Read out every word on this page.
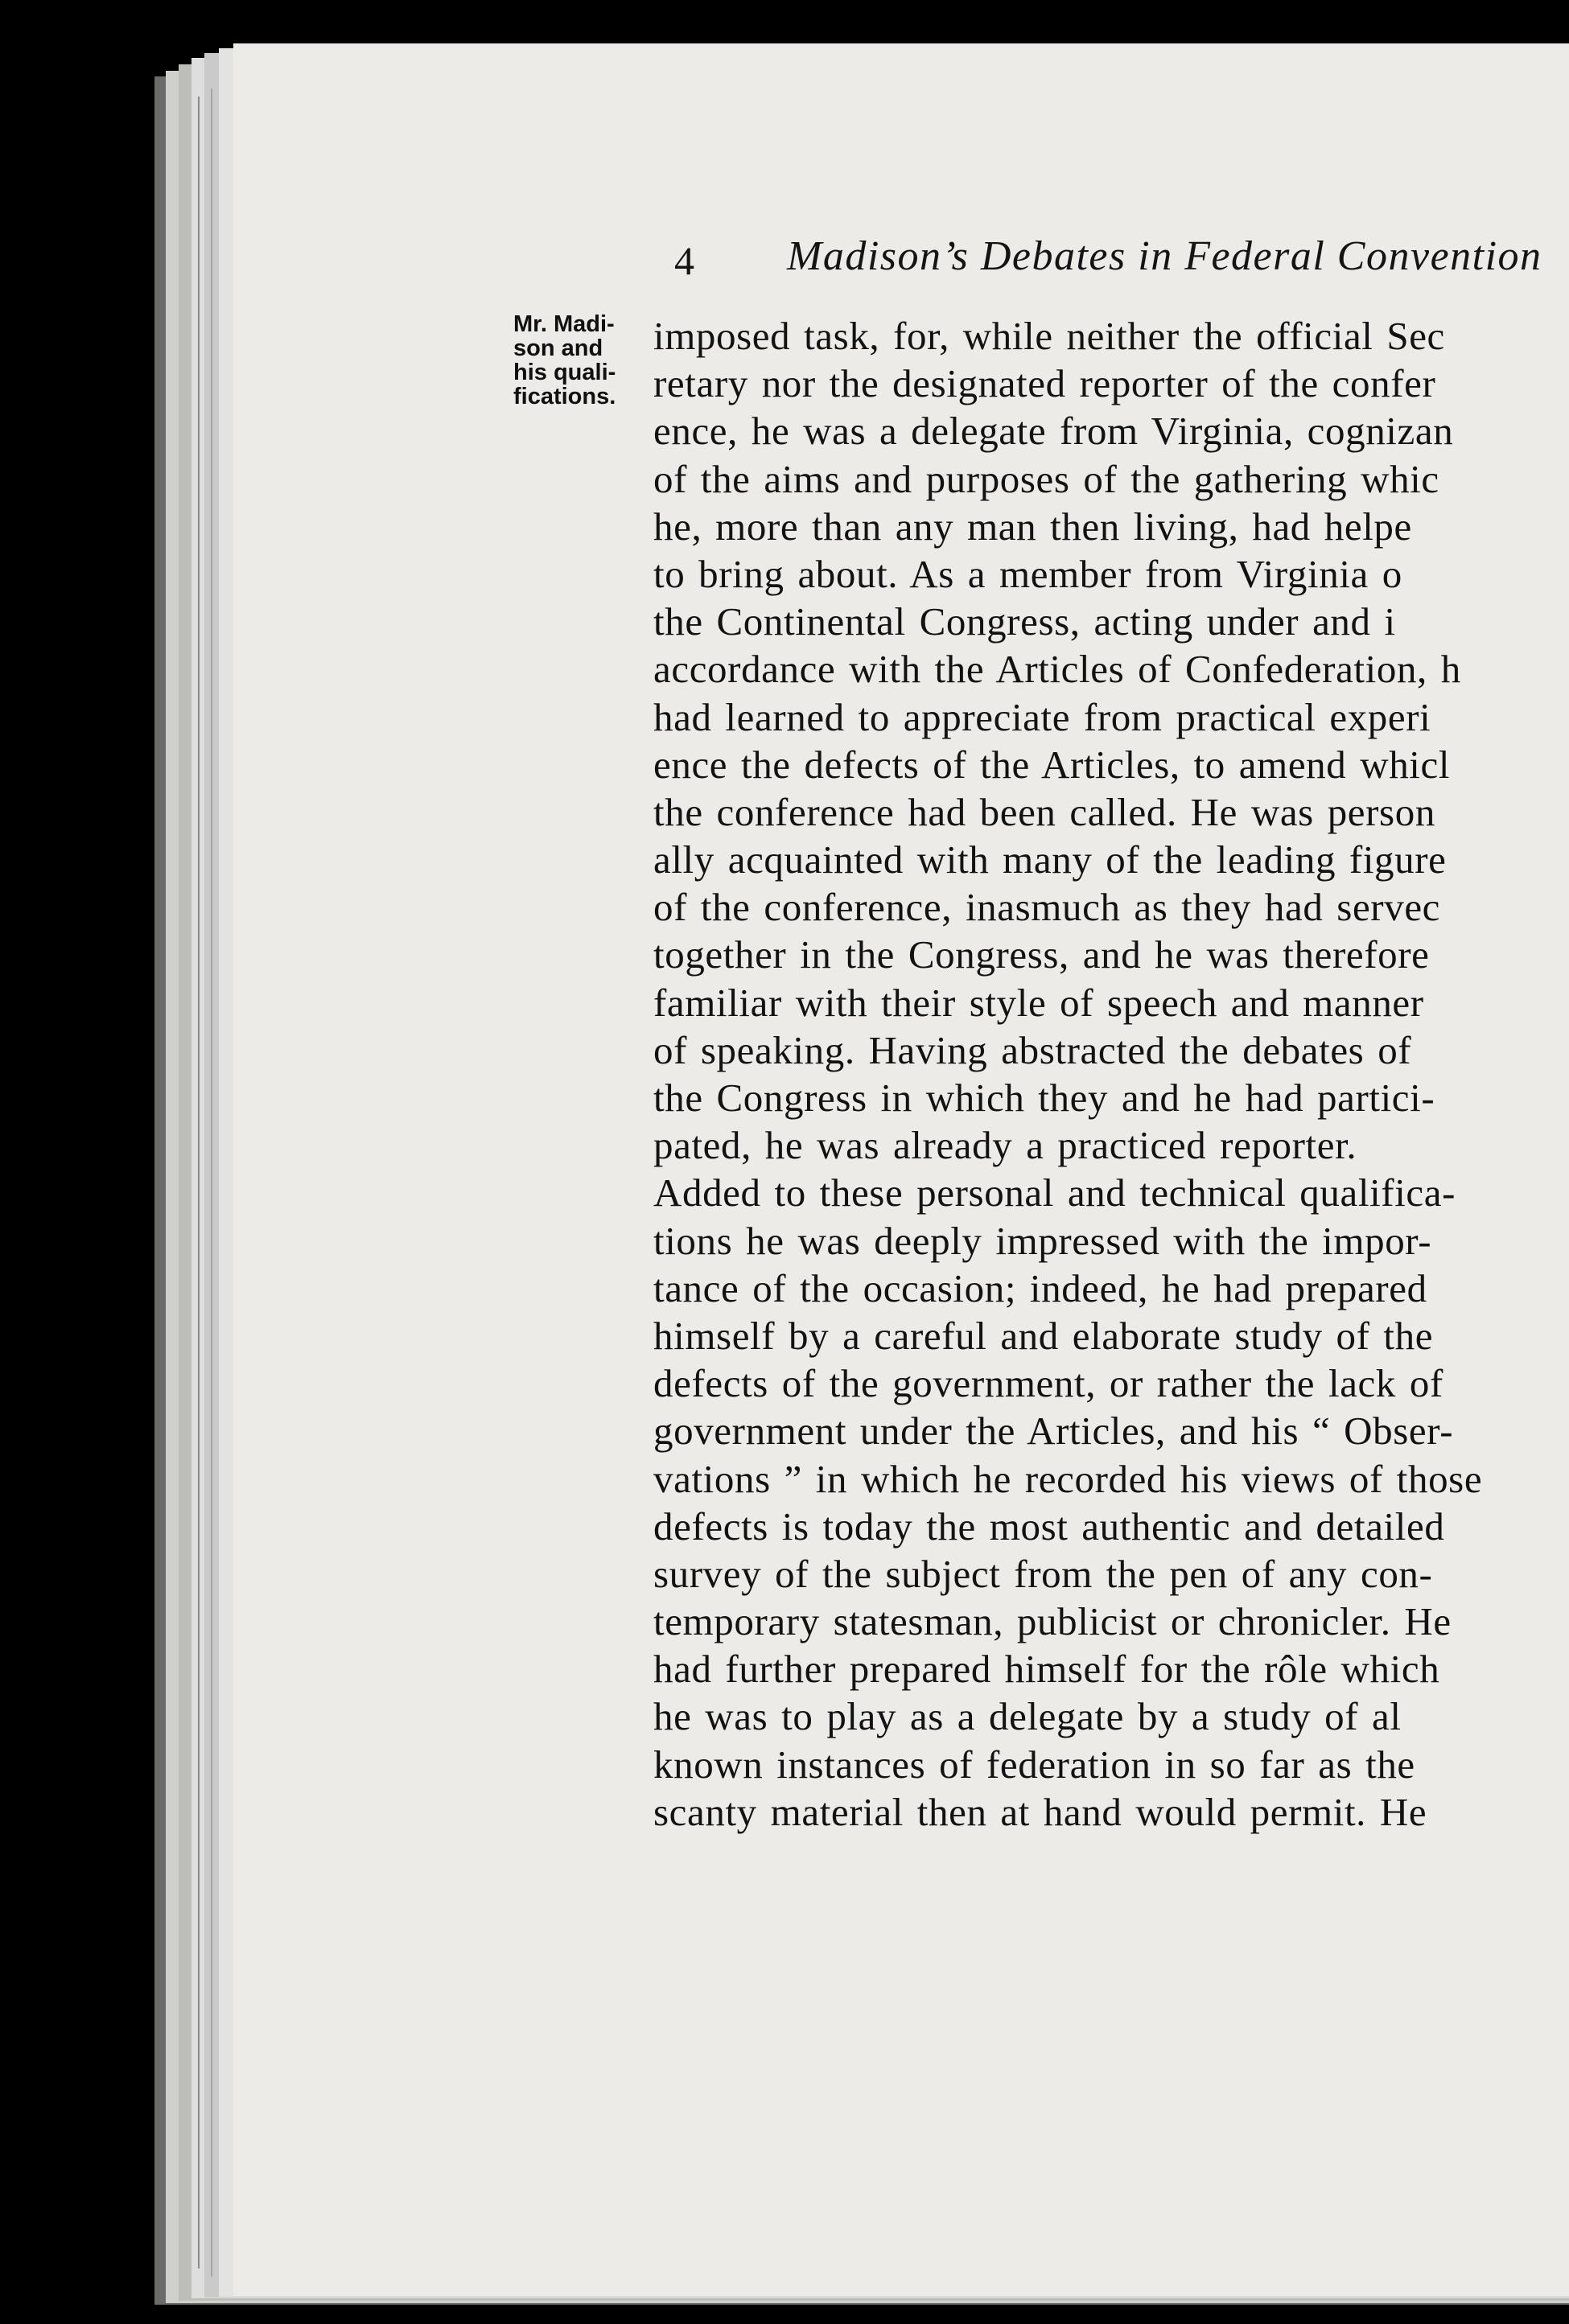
4 Madison’s Debates in Federal Convention
Mr. Madi-
son and
his quali-
fications.
imposed task, for, while neither the official Sec
retary nor the designated reporter of the confer
ence, he was a delegate from Virginia, cognizan
of the aims and purposes of the gathering whic
he, more than any man then living, had helpe
to bring about. As a member from Virginia o
the Continental Congress, acting under and i
accordance with the Articles of Confederation, h
had learned to appreciate from practical experi
ence the defects of the Articles, to amend whicl
the conference had been called. He was person
ally acquainted with many of the leading figure
of the conference, inasmuch as they had servec
together in the Congress, and he was therefore
familiar with their style of speech and manner
of speaking. Having abstracted the debates of
the Congress in which they and he had partici-
pated, he was already a practiced reporter.
Added to these personal and technical qualifica-
tions he was deeply impressed with the impor-
tance of the occasion; indeed, he had prepared
himself by a careful and elaborate study of the
defects of the government, or rather the lack of
government under the Articles, and his “ Obser-
vations ” in which he recorded his views of those
defects is today the most authentic and detailed
survey of the subject from the pen of any con-
temporary statesman, publicist or chronicler. He
had further prepared himself for the rôle which
he was to play as a delegate by a study of al
known instances of federation in so far as the
scanty material then at hand would permit. He
